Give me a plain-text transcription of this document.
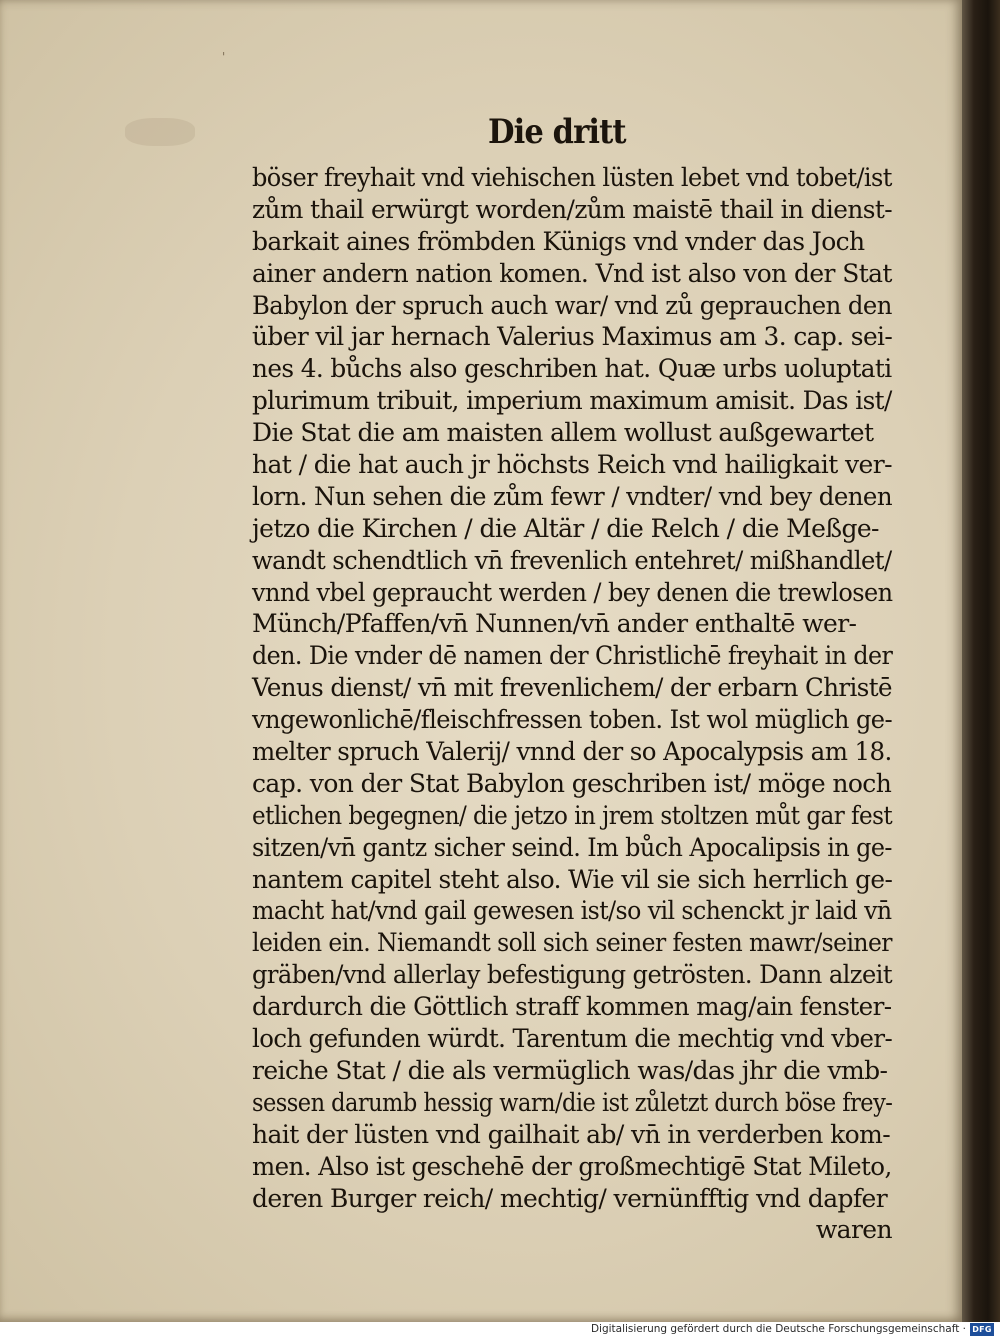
'
Die dritt
böser freyhait vnd viehischen lüsten lebet vnd tobet/ist
zům thail erwürgt worden/zům maistē thail in dienst-
barkait aines frömbden Künigs vnd vnder das Joch
ainer andern nation komen. Vnd ist also von der Stat
Babylon der spruch auch war/ vnd zů geprauchen den
über vil jar hernach Valerius Maximus am 3. cap. sei-
nes 4. bůchs also geschriben hat. Quæ urbs uoluptati
plurimum tribuit, imperium maximum amisit. Das ist/
Die Stat die am maisten allem wollust außgewartet
hat / die hat auch jr höchsts Reich vnd hailigkait ver-
lorn. Nun sehen die zům fewr / vndter/ vnd bey denen
jetzo die Kirchen / die Altär / die Relch / die Meßge-
wandt schendtlich vn̄ frevenlich entehret/ mißhandlet/
vnnd vbel gepraucht werden / bey denen die trewlosen
Münch/Pfaffen/vn̄ Nunnen/vn̄ ander enthaltē wer-
den. Die vnder dē namen der Christlichē freyhait in der
Venus dienst/ vn̄ mit frevenlichem/ der erbarn Christē
vngewonlichē/fleischfressen toben. Ist wol müglich ge-
melter spruch Valerij/ vnnd der so Apocalypsis am 18.
cap. von der Stat Babylon geschriben ist/ möge noch
etlichen begegnen/ die jetzo in jrem stoltzen můt gar fest
sitzen/vn̄ gantz sicher seind. Im bůch Apocalipsis in ge-
nantem capitel steht also. Wie vil sie sich herrlich ge-
macht hat/vnd gail gewesen ist/so vil schenckt jr laid vn̄
leiden ein. Niemandt soll sich seiner festen mawr/seiner
gräben/vnd allerlay befestigung getrösten. Dann alzeit
dardurch die Göttlich straff kommen mag/ain fenster-
loch gefunden würdt. Tarentum die mechtig vnd vber-
reiche Stat / die als vermüglich was/das jhr die vmb-
sessen darumb hessig warn/die ist zůletzt durch böse frey-
hait der lüsten vnd gailhait ab/ vn̄ in verderben kom-
men. Also ist geschehē der großmechtigē Stat Mileto,
deren Burger reich/ mechtig/ vernünfftig vnd dapfer
waren
Digitalisierung gefördert durch die Deutsche Forschungsgemeinschaft · DFG
